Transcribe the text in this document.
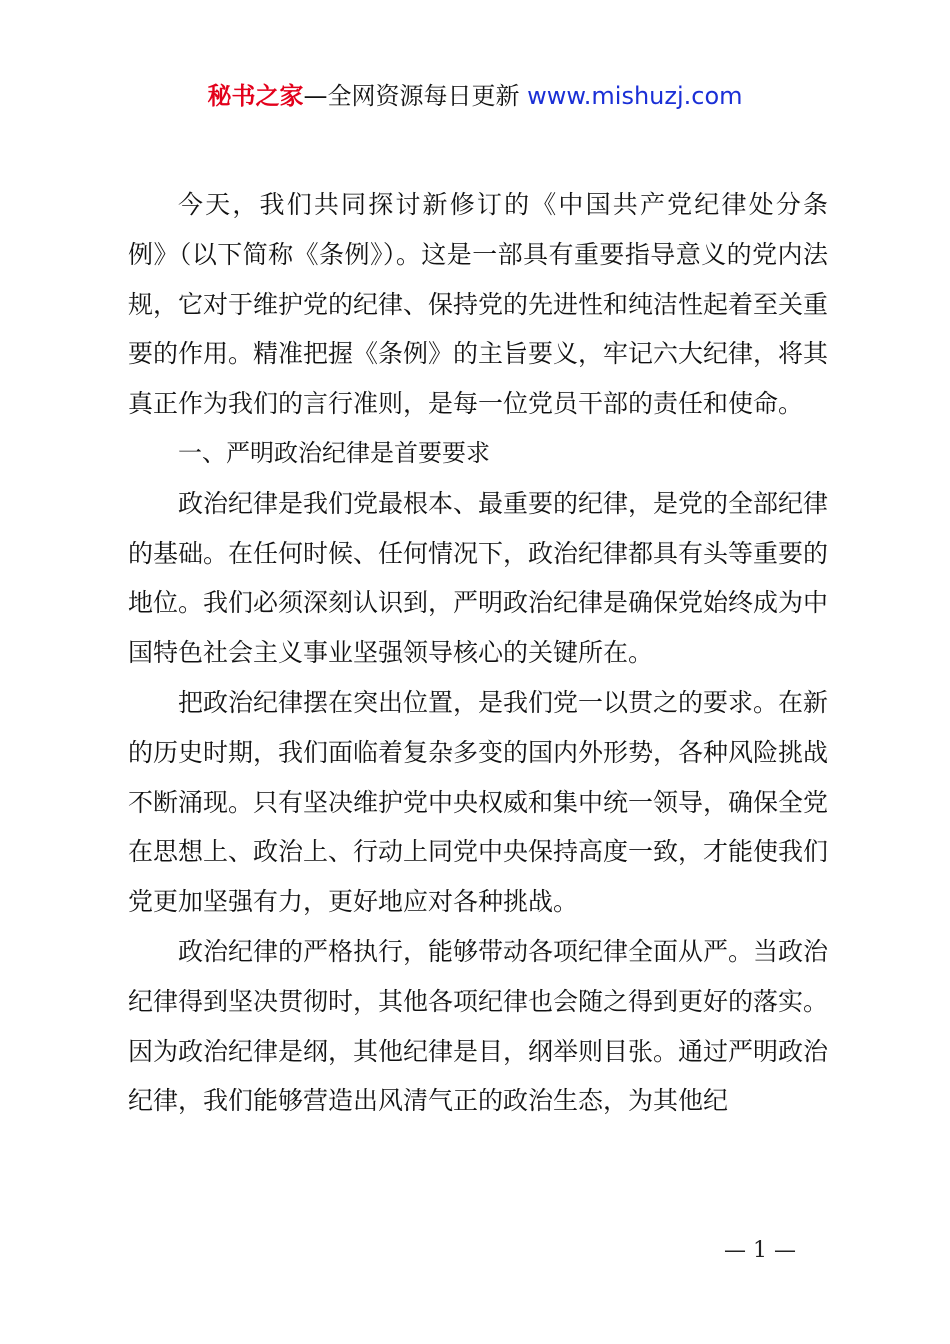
秘书之家—全网资源每日更新 www.mishuzj.com

今天，我们共同探讨新修订的《中国共产党纪律处分条例》（以下简称《条例》）。这是一部具有重要指导意义的党内法规，它对于维护党的纪律、保持党的先进性和纯洁性起着至关重要的作用。精准把握《条例》的主旨要义，牢记六大纪律，将其真正作为我们的言行准则，是每一位党员干部的责任和使命。

一、严明政治纪律是首要要求

政治纪律是我们党最根本、最重要的纪律，是党的全部纪律的基础。在任何时候、任何情况下，政治纪律都具有头等重要的地位。我们必须深刻认识到，严明政治纪律是确保党始终成为中国特色社会主义事业坚强领导核心的关键所在。

把政治纪律摆在突出位置，是我们党一以贯之的要求。在新的历史时期，我们面临着复杂多变的国内外形势，各种风险挑战不断涌现。只有坚决维护党中央权威和集中统一领导，确保全党在思想上、政治上、行动上同党中央保持高度一致，才能使我们党更加坚强有力，更好地应对各种挑战。

政治纪律的严格执行，能够带动各项纪律全面从严。当政治纪律得到坚决贯彻时，其他各项纪律也会随之得到更好的落实。因为政治纪律是纲，其他纪律是目，纲举则目张。通过严明政治纪律，我们能够营造出风清气正的政治生态，为其他纪

— 1 —
